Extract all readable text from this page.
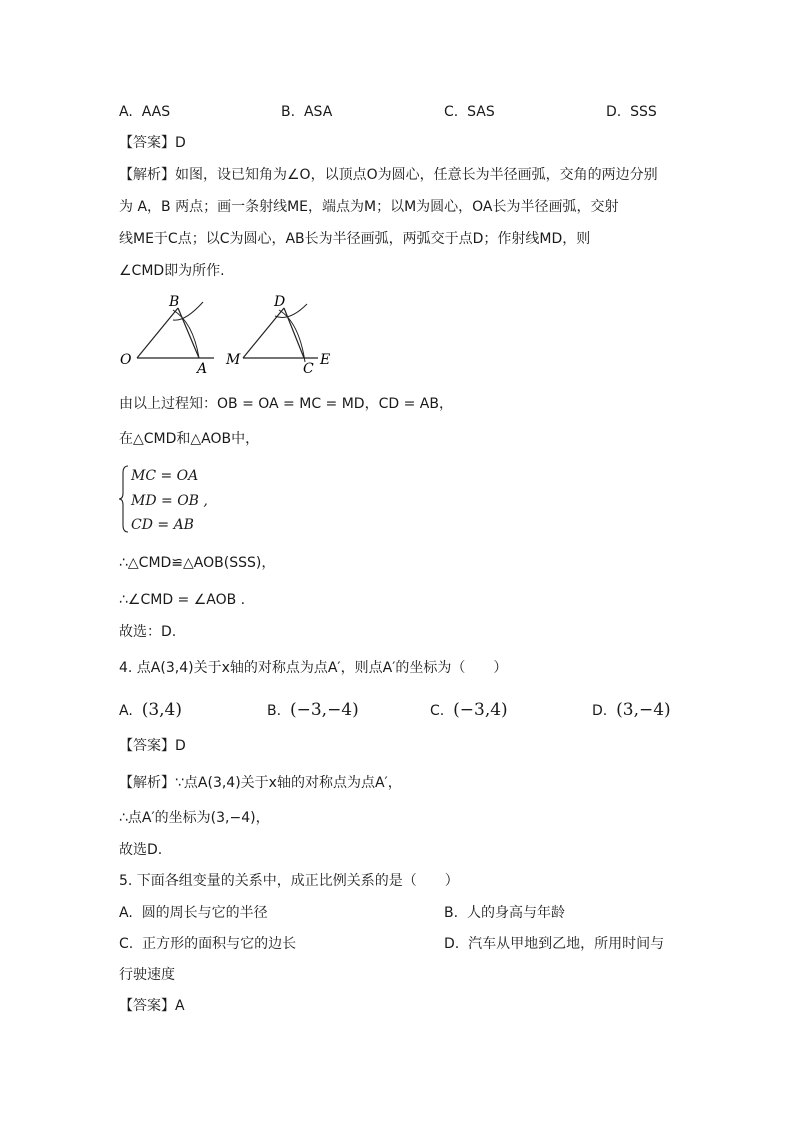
A. AAS	B. ASA	C. SAS	D. SSS
【答案】D
【解析】如图，设已知角为∠O，以顶点O为圆心，任意长为半径画弧，交角的两边分别
为 A，B 两点；画一条射线ME，端点为M；以M为圆心，OA长为半径画弧，交射
线ME于C点；以C为圆心，AB长为半径画弧，两弧交于点D；作射线MD，则
∠CMD即为所作.
B
O
A
D
M
C
E
由以上过程知：OB = OA = MC = MD，CD = AB，
在△CMD和△AOB中，
MC = OA
MD = OB ,
CD = AB
∴△CMD≌△AOB(SSS)，
∴∠CMD = ∠AOB .
故选：D.
4. 点A(3,4)关于x轴的对称点为点A′，则点A′的坐标为（　　）
A. (3,4)	B. (−3,−4)	C. (−3,4)	D. (3,−4)
【答案】D
【解析】∵点A(3,4)关于x轴的对称点为点A′，
∴点A′的坐标为(3,−4)，
故选D.
5. 下面各组变量的关系中，成正比例关系的是（　　）
A. 圆的周长与它的半径	B. 人的身高与年龄
C. 正方形的面积与它的边长	D. 汽车从甲地到乙地，所用时间与
行驶速度
【答案】A
